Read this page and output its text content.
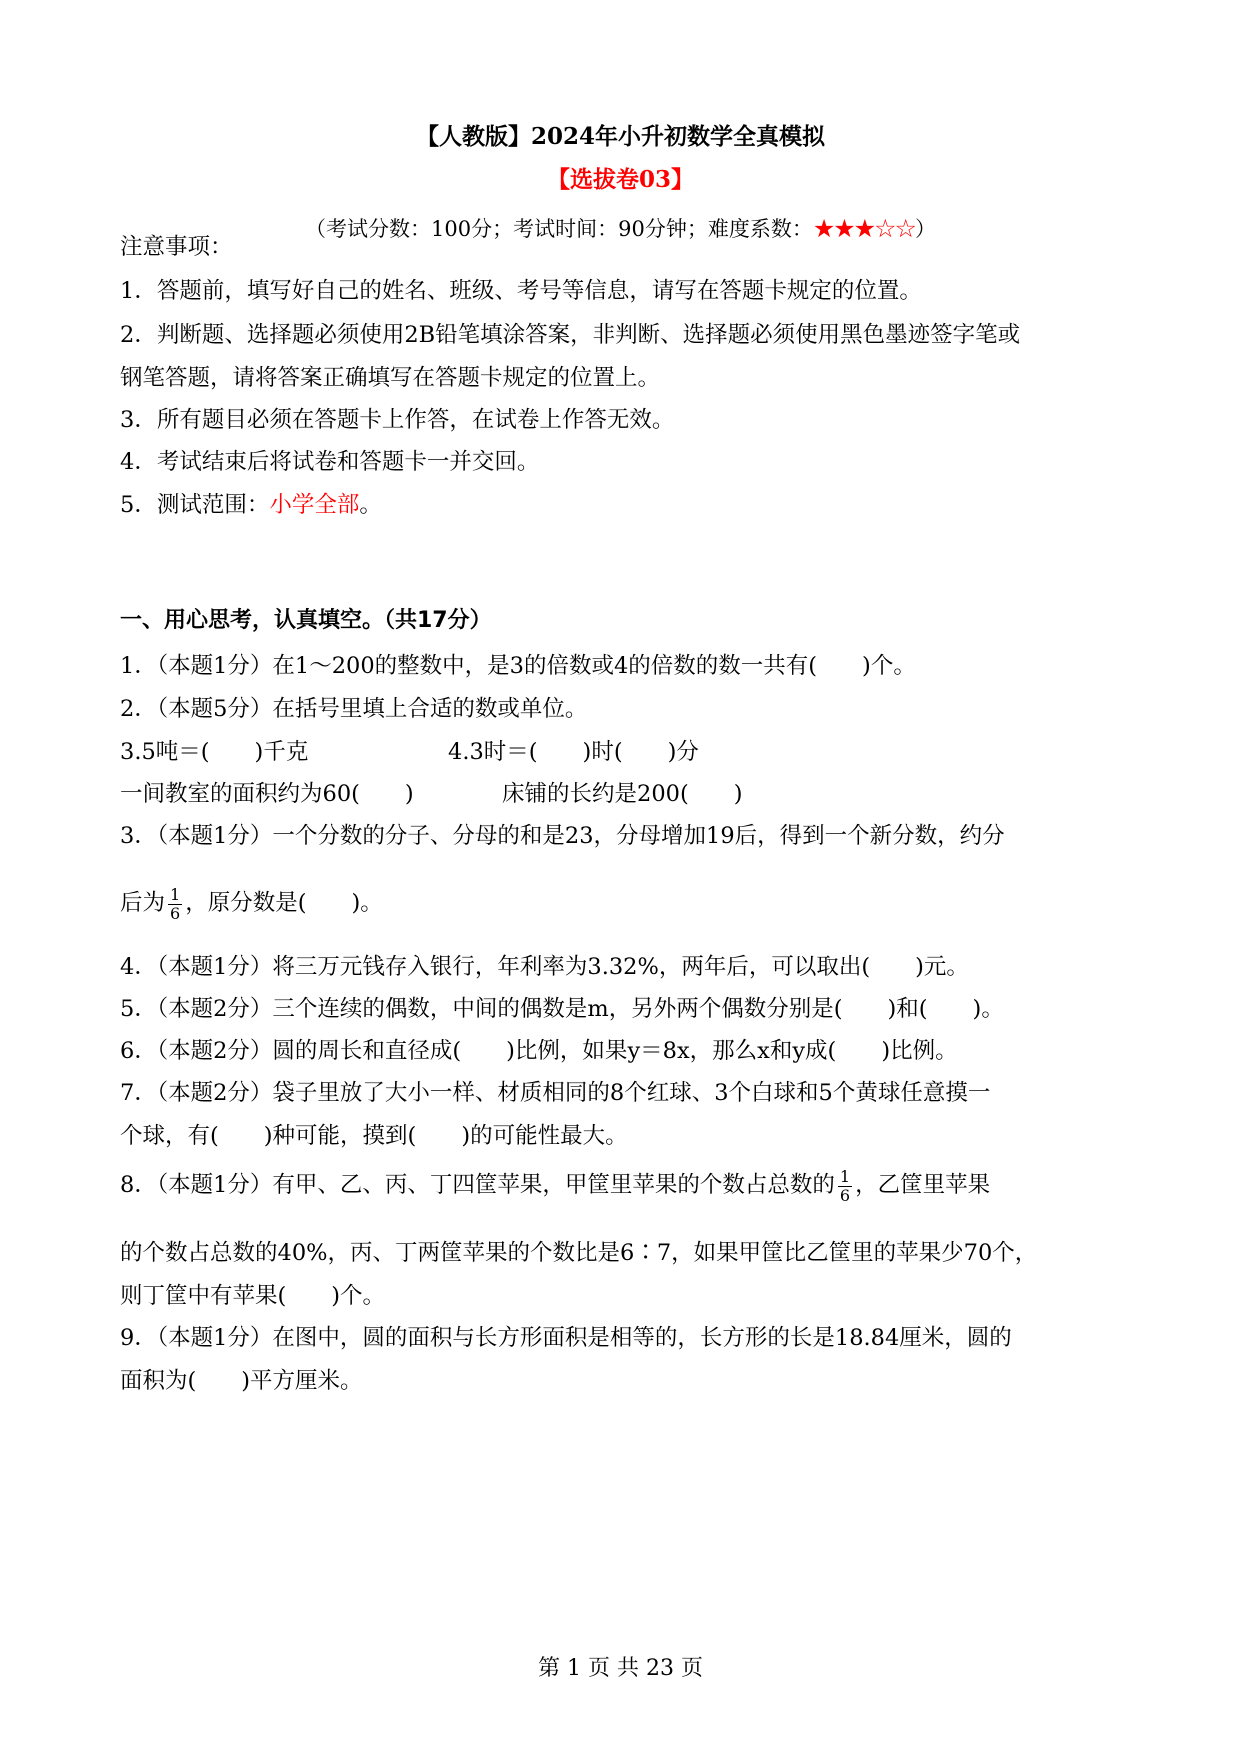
【人教版】2024年小升初数学全真模拟
【选拔卷03】
（考试分数：100分；考试时间：90分钟；难度系数：★★★☆☆）
注意事项：
1．答题前，填写好自己的姓名、班级、考号等信息，请写在答题卡规定的位置。
2．判断题、选择题必须使用2B铅笔填涂答案，非判断、选择题必须使用黑色墨迹签字笔或
钢笔答题，请将答案正确填写在答题卡规定的位置上。
3．所有题目必须在答题卡上作答，在试卷上作答无效。
4．考试结束后将试卷和答题卡一并交回。
5．测试范围：小学全部。
一、用心思考，认真填空。（共17分）
1．（本题1分）在1～200的整数中，是3的倍数或4的倍数的数一共有(　　)个。
2．（本题5分）在括号里填上合适的数或单位。
3.5吨＝(　　)千克	4.3时＝(　　)时(　　)分
一间教室的面积约为60(　　)	床铺的长约是200(　　)
3．（本题1分）一个分数的分子、分母的和是23，分母增加19后，得到一个新分数，约分
后为 $\frac{1}{6}$ ，原分数是(　　)。
4．（本题1分）将三万元钱存入银行，年利率为3.32%，两年后，可以取出(　　)元。
5．（本题2分）三个连续的偶数，中间的偶数是m，另外两个偶数分别是(　　)和(　　)。
6．（本题2分）圆的周长和直径成(　　)比例，如果y＝8x，那么x和y成(　　)比例。
7．（本题2分）袋子里放了大小一样、材质相同的8个红球、3个白球和5个黄球任意摸一
个球，有(　　)种可能，摸到(　　)的可能性最大。
8．（本题1分）有甲、乙、丙、丁四筐苹果，甲筐里苹果的个数占总数的 $\frac{1}{6}$ ，乙筐里苹果
的个数占总数的40%，丙、丁两筐苹果的个数比是6∶7，如果甲筐比乙筐里的苹果少70个，
则丁筐中有苹果(　　)个。
9．（本题1分）在图中，圆的面积与长方形面积是相等的，长方形的长是18.84厘米，圆的
面积为(　　)平方厘米。
第 1 页 共 23 页
